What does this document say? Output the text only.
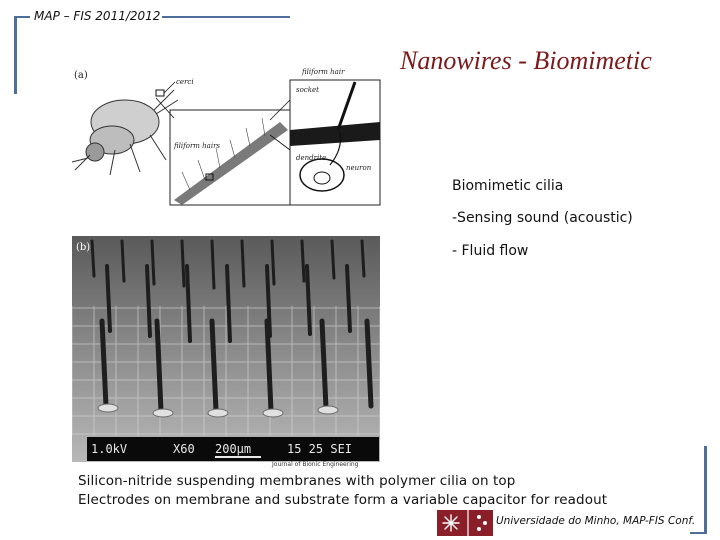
MAP – FIS 2011/2012
Nanowires - Biomimetic
(a)
cerci
filiform hairs
filiform hair
socket
dendrite
neuron
(b)
1.0kV	X60 200µm	15 25 SEI
Journal of Bionic Engineering
Biomimetic cilia
-Sensing sound (acoustic)
- Fluid flow
Silicon-nitride suspending membranes with polymer cilia on top
Electrodes on membrane and substrate form a variable capacitor for readout
Universidade do Minho, MAP-FIS Conf.
